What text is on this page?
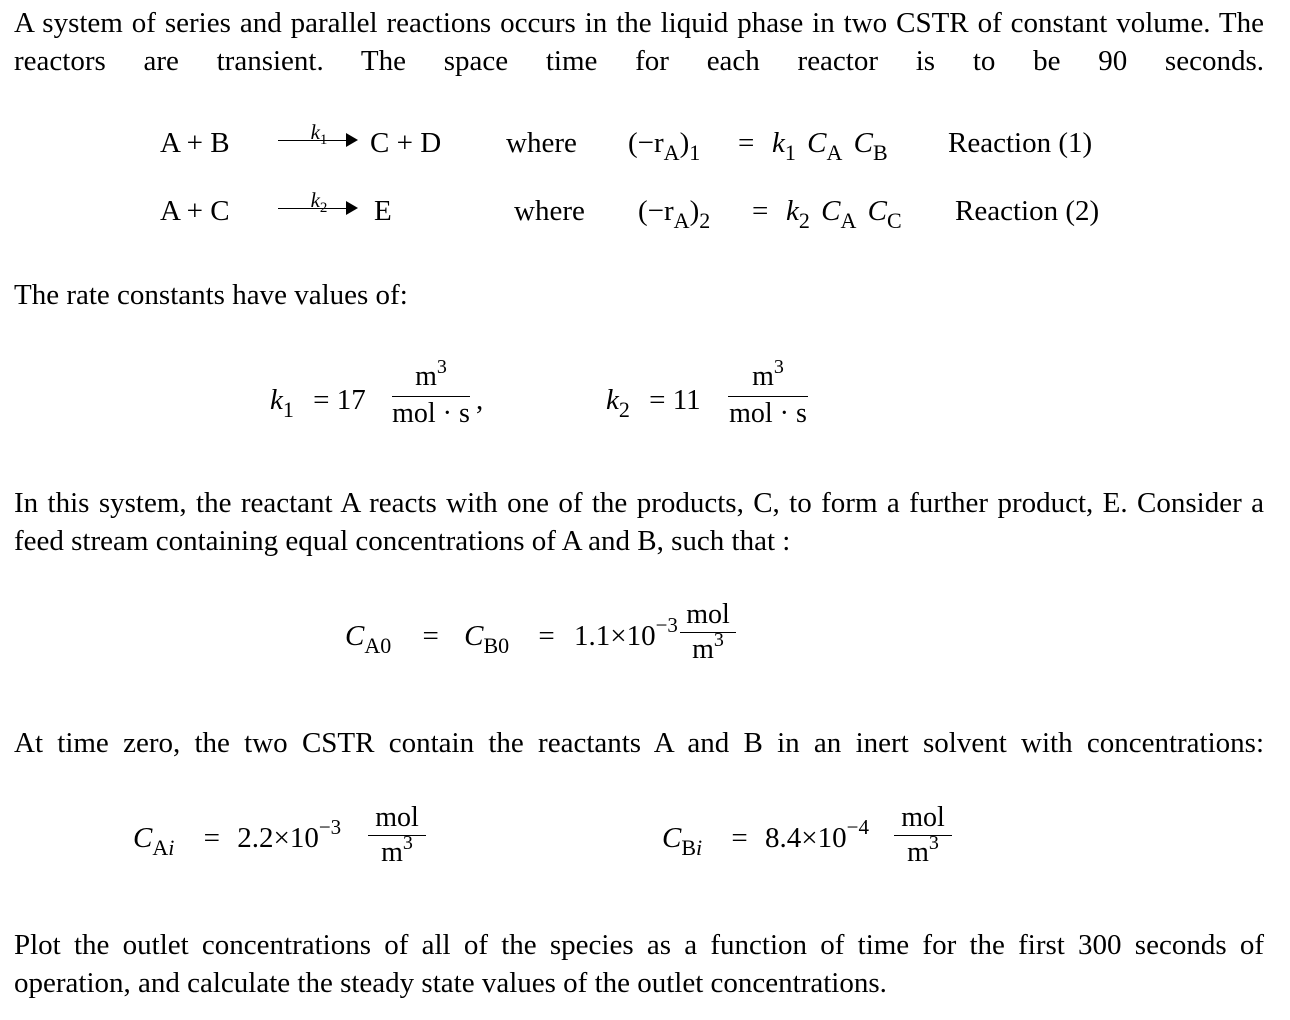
A system of series and parallel reactions occurs in the liquid phase in two CSTR of constant volume. The reactors are transient. The space time for each reactor is to be 90 seconds.
A + B	$k_1$	C + D where $(-r_A)_1 = k_1$ $C_A$ $C_B$ Reaction (1)
A + C	$k_2$	E	where $(-r_A)_2 = k_2$ $C_A$ $C_C$ Reaction (2)
The rate constants have values of:
$k_1 = 17$
$m^3$
mol · s ,	$k_2 = 11$
$m^3$
mol · s
In this system, the reactant A reacts with one of the products, C, to form a further product, E. Consider a feed stream containing equal concentrations of A and B, such that :
$C_{A0} = C_{B0} = 1.1\times 10^{-3}$ mol
$m^3$
At time zero, the two CSTR contain the reactants A and B in an inert solvent with concentrations:
$C_{Ai} = 2.2\times 10^{-3}$ mol
$m^3$	$C_{Bi} = 8.4\times 10^{-4}$ mol
$m^3$
Plot the outlet concentrations of all of the species as a function of time for the first 300 seconds of operation, and calculate the steady state values of the outlet concentrations.
